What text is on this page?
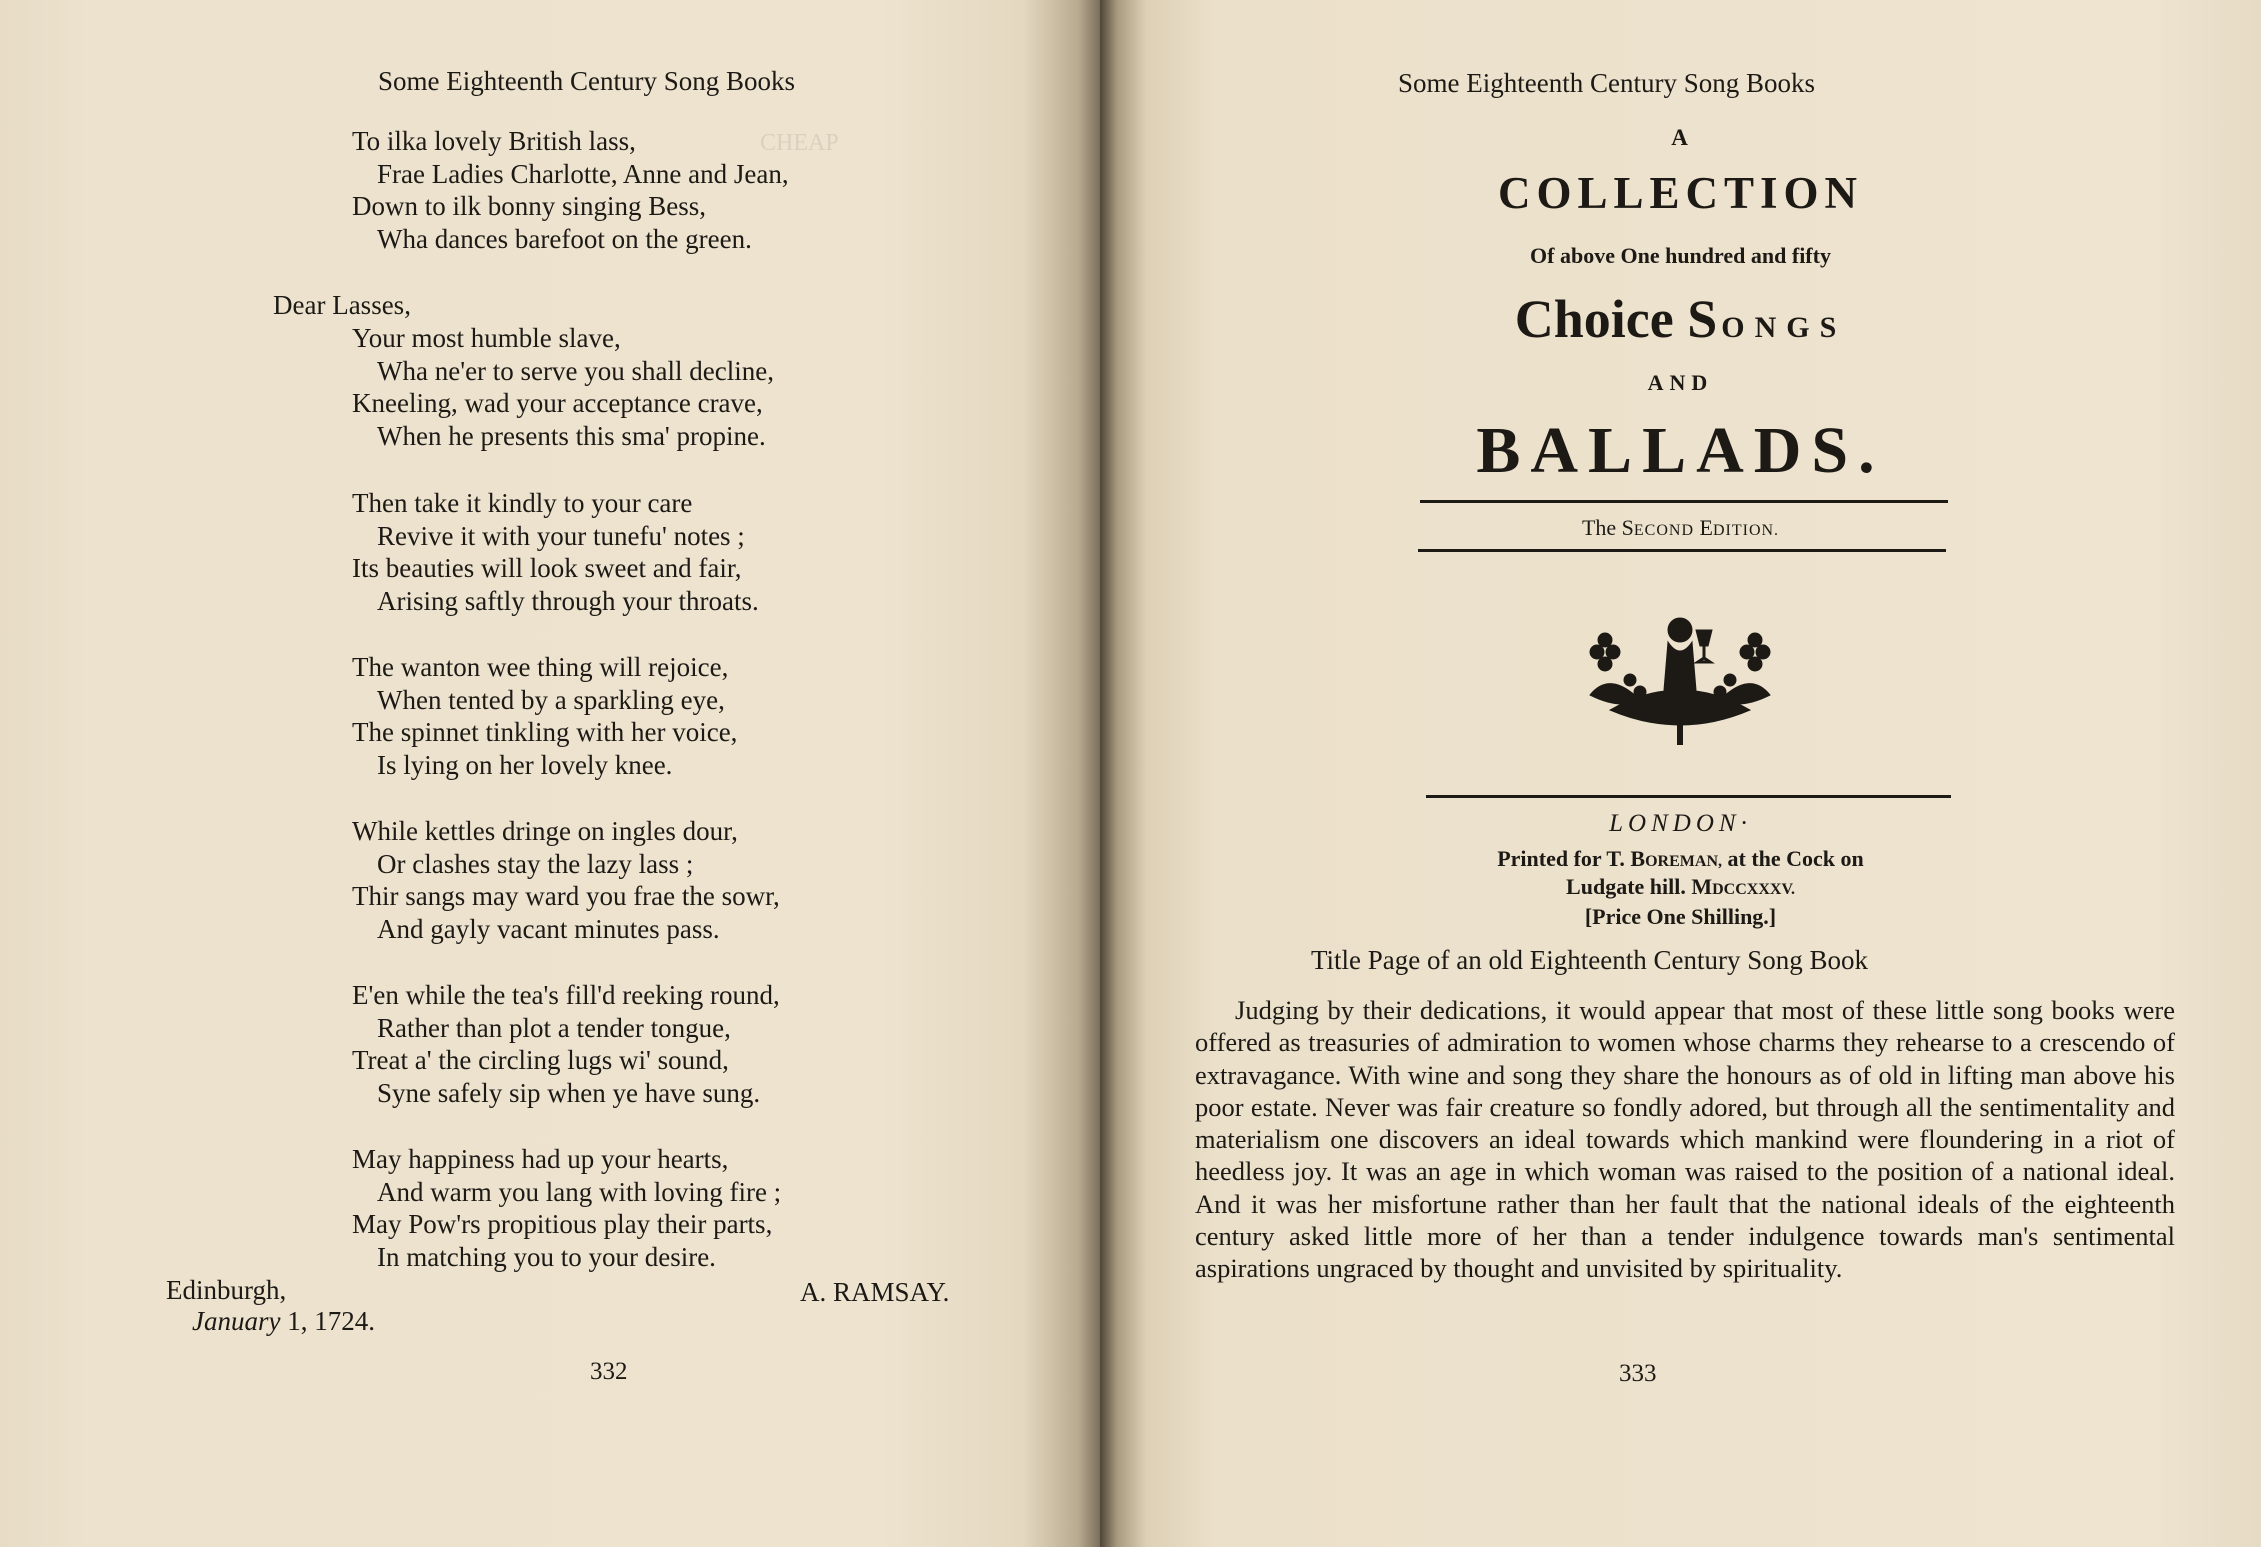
CHEAP
Some Eighteenth Century Song Books
To ilka lovely British lass,
Frae Ladies Charlotte, Anne and Jean,
Down to ilk bonny singing Bess,
Wha dances barefoot on the green.
Dear Lasses,
Your most humble slave,
Wha ne'er to serve you shall decline,
Kneeling, wad your acceptance crave,
When he presents this sma' propine.
Then take it kindly to your care
Revive it with your tunefu' notes ;
Its beauties will look sweet and fair,
Arising saftly through your throats.
The wanton wee thing will rejoice,
When tented by a sparkling eye,
The spinnet tinkling with her voice,
Is lying on her lovely knee.
While kettles dringe on ingles dour,
Or clashes stay the lazy lass ;
Thir sangs may ward you frae the sowr,
And gayly vacant minutes pass.
E'en while the tea's fill'd reeking round,
Rather than plot a tender tongue,
Treat a' the circling lugs wi' sound,
Syne safely sip when ye have sung.
May happiness had up your hearts,
And warm you lang with loving fire ;
May Pow'rs propitious play their parts,
In matching you to your desire.
Edinburgh,
January 1, 1724.
A. RAMSAY.
332
Some Eighteenth Century Song Books
A
COLLECTION
Of above One hundred and fifty
Choice SONGS
AND
BALLADS.
The SECOND EDITION.
LONDON·
Printed for T. BOREMAN, at the Cock on
Ludgate hill. MDCCXXXV.
[Price One Shilling.]
Title Page of an old Eighteenth Century Song Book
Judging by their dedications, it would appear that most of these little song books were offered as treasuries of admiration to women whose charms they rehearse to a crescendo of extravagance. With wine and song they share the honours as of old in lifting man above his poor estate. Never was fair creature so fondly adored, but through all the sentimentality and materialism one discovers an ideal towards which mankind were floundering in a riot of heedless joy. It was an age in which woman was raised to the position of a national ideal. And it was her misfortune rather than her fault that the national ideals of the eighteenth century asked little more of her than a tender indulgence towards man's sentimental aspirations ungraced by thought and unvisited by spirituality.
333
